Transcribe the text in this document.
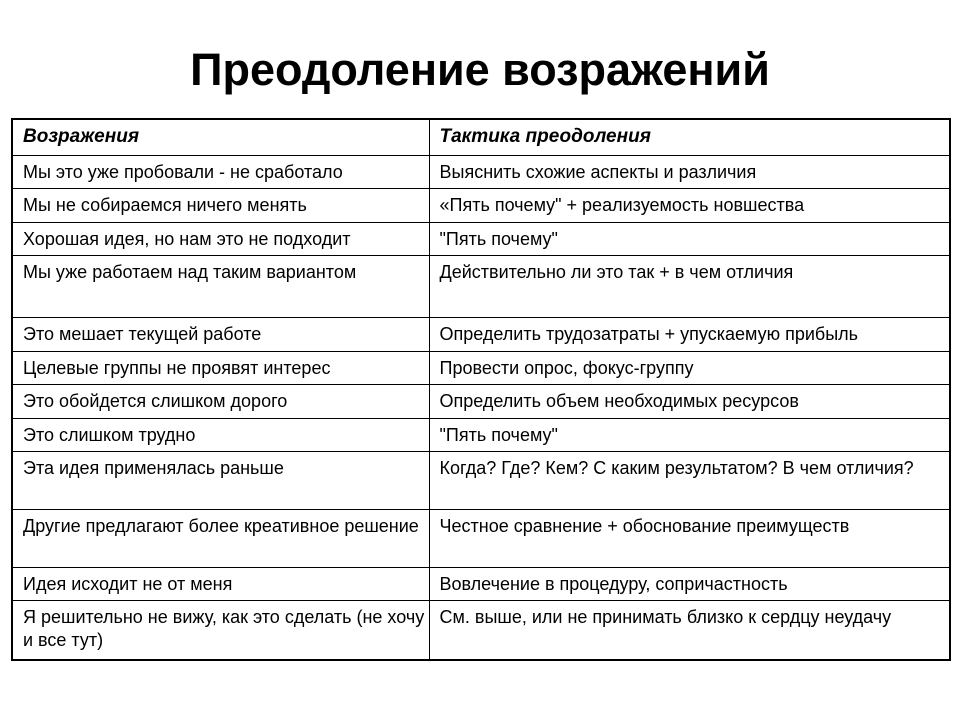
Преодоление возражений
Возражения	Тактика преодоления

Мы это уже пробовали - не сработало	Выяснить схожие аспекты и различия

Мы не собираемся ничего менять	«Пять почему" + реализуемость новшества

Хорошая идея, но нам это не подходит	"Пять почему"

Мы уже работаем над таким вариантом	Действительно ли это так + в чем отличия

Это мешает текущей работе	Определить трудозатраты + упускаемую прибыль

Целевые группы не проявят интерес	Провести опрос, фокус-группу

Это обойдется слишком дорого	Определить объем необходимых ресурсов

Это слишком трудно	"Пять почему"

Эта идея применялась раньше	Когда? Где? Кем? С каким результатом? В чем отличия?

Другие предлагают более креативное решение	Честное сравнение + обоснование преимуществ

Идея исходит не от меня	Вовлечение в процедуру, сопричастность

Я решительно не вижу, как это сделать (не хочу и все тут)	См. выше, или не принимать близко к сердцу неудачу
